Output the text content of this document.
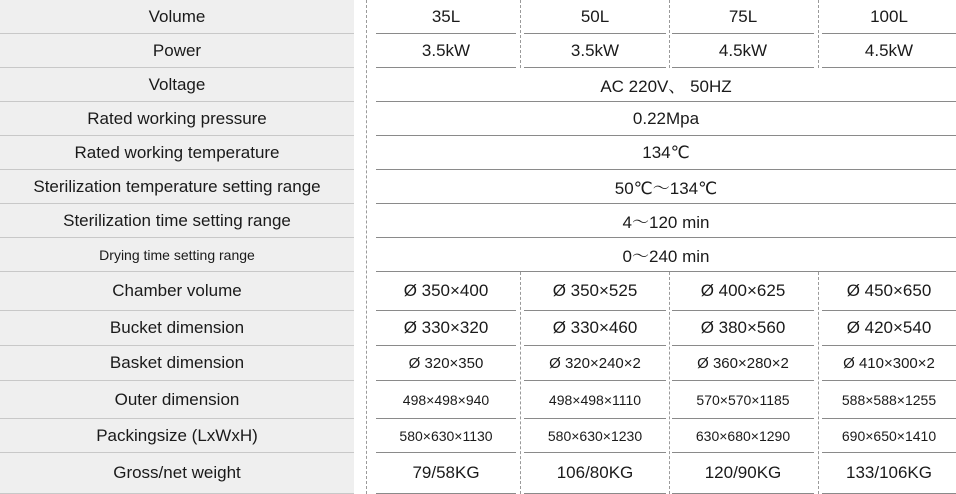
Volume	35L	50L	75L	100L
Power	3.5kW	3.5kW	4.5kW	4.5kW
Voltage	AC 220V、 50HZ
Rated working pressure	0.22Mpa
Rated working temperature	134℃
Sterilization temperature setting range	50℃～134℃
Sterilization time setting range	4～120 min
Drying time setting range	0～240 min
Chamber volume	Ø 350×400	Ø 350×525	Ø 400×625	Ø 450×650
Bucket dimension	Ø 330×320	Ø 330×460	Ø 380×560	Ø 420×540
Basket dimension	Ø 320×350	Ø 320×240×2	Ø 360×280×2	Ø 410×300×2
Outer dimension	498×498×940	498×498×1110	570×570×1185	588×588×1255
Packingsize (LxWxH)	580×630×1130	580×630×1230	630×680×1290	690×650×1410
Gross/net weight	79/58KG	106/80KG	120/90KG	133/106KG
